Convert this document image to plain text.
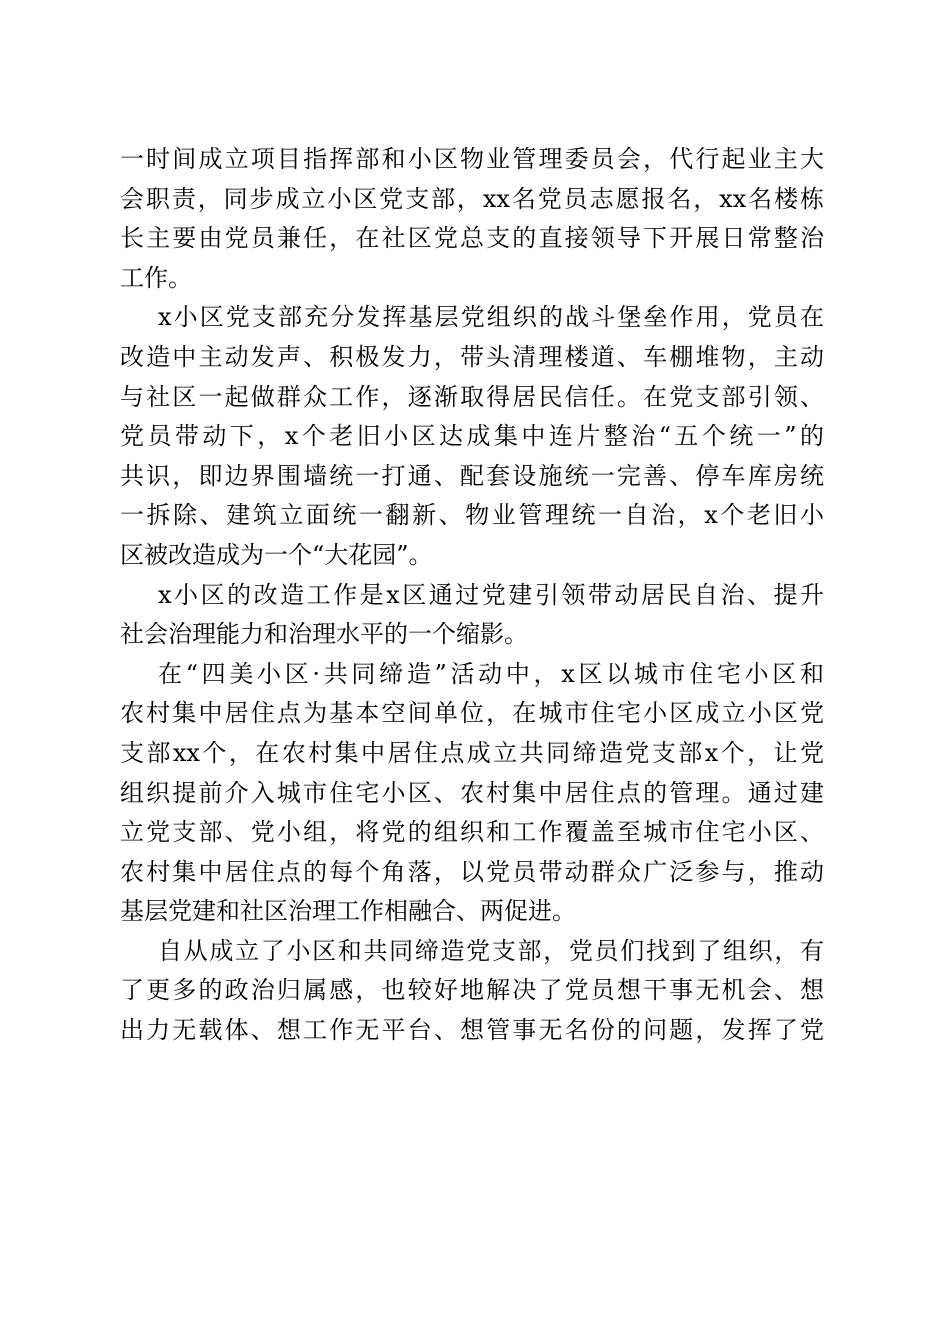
一时间成立项目指挥部和小区物业管理委员会，代行起业主大
会职责，同步成立小区党支部，xx名党员志愿报名，xx名楼栋
长主要由党员兼任，在社区党总支的直接领导下开展日常整治
工作。
x小区党支部充分发挥基层党组织的战斗堡垒作用，党员在
改造中主动发声、积极发力，带头清理楼道、车棚堆物，主动
与社区一起做群众工作，逐渐取得居民信任。在党支部引领、
党员带动下，x个老旧小区达成集中连片整治“五个统一”的
共识，即边界围墙统一打通、配套设施统一完善、停车库房统
一拆除、建筑立面统一翻新、物业管理统一自治，x个老旧小
区被改造成为一个“大花园”。
x小区的改造工作是x区通过党建引领带动居民自治、提升
社会治理能力和治理水平的一个缩影。
在“四美小区·共同缔造”活动中，x区以城市住宅小区和
农村集中居住点为基本空间单位，在城市住宅小区成立小区党
支部xx个，在农村集中居住点成立共同缔造党支部x个，让党
组织提前介入城市住宅小区、农村集中居住点的管理。通过建
立党支部、党小组，将党的组织和工作覆盖至城市住宅小区、
农村集中居住点的每个角落，以党员带动群众广泛参与，推动
基层党建和社区治理工作相融合、两促进。
自从成立了小区和共同缔造党支部，党员们找到了组织，有
了更多的政治归属感，也较好地解决了党员想干事无机会、想
出力无载体、想工作无平台、想管事无名份的问题，发挥了党
